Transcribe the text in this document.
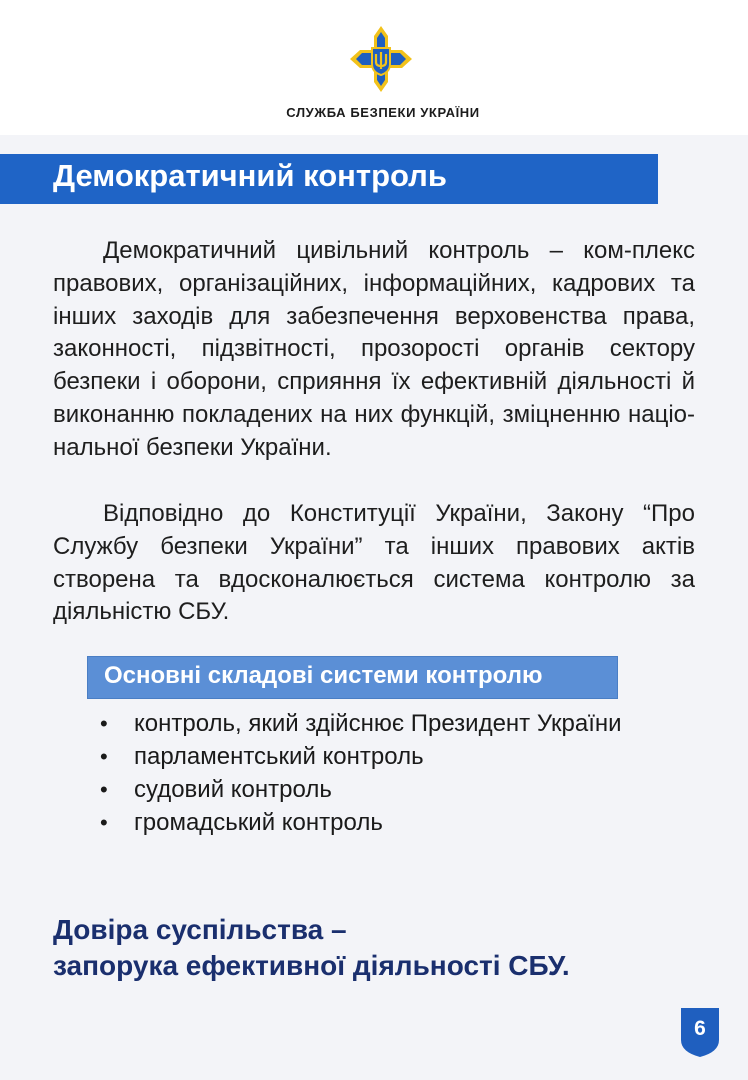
СЛУЖБА БЕЗПЕКИ УКРАЇНИ
Демократичний контроль

Демократичний цивільний контроль – ком-плекс правових, організаційних, інформаційних, кадрових та інших заходів для забезпечення верховенства права, законності, підзвітності, прозорості органів сектору безпеки і оборони, сприяння їх ефективній діяльності й виконанню покладених на них функцій, зміцненню націо-нальної безпеки України.

Відповідно до Конституції України, Закону “Про Службу безпеки України” та інших правових актів створена та вдосконалюється система контролю за діяльністю СБУ.

Основні складові системи контролю
• контроль, який здійснює Президент України
• парламентський контроль
• судовий контроль
• громадський контроль
Довіра суспільства –
запорука ефективної діяльності СБУ.
6
